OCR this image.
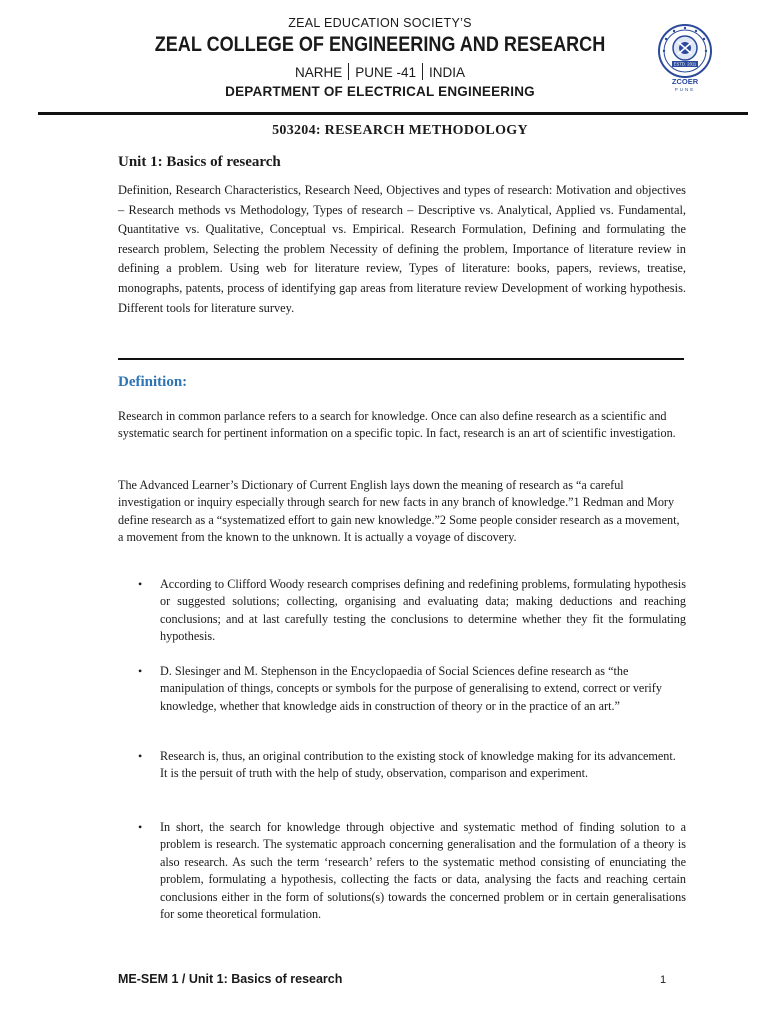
ZEAL EDUCATION SOCIETY’S
ZEAL COLLEGE OF ENGINEERING AND RESEARCH
NARHE PUNE -41 INDIA
DEPARTMENT OF ELECTRICAL ENGINEERING
ESTD. 2011
ZCOER
PUNE
503204: RESEARCH METHODOLOGY
Unit 1: Basics of research
Definition, Research Characteristics, Research Need, Objectives and types of research: Motivation and objectives – Research methods vs Methodology, Types of research – Descriptive vs. Analytical, Applied vs. Fundamental, Quantitative vs. Qualitative, Conceptual vs. Empirical. Research Formulation, Defining and formulating the research problem, Selecting the problem Necessity of defining the problem, Importance of literature review in defining a problem. Using web for literature review, Types of literature: books, papers, reviews, treatise, monographs, patents, process of identifying gap areas from literature review Development of working hypothesis. Different tools for literature survey.
Definition:
Research in common parlance refers to a search for knowledge. Once can also define research as a scientific and systematic search for pertinent information on a specific topic. In fact, research is an art of scientific investigation.
The Advanced Learner’s Dictionary of Current English lays down the meaning of research as “a careful investigation or inquiry especially through search for new facts in any branch of knowledge.”1 Redman and Mory define research as a “systematized effort to gain new knowledge.”2 Some people consider research as a movement, a movement from the known to the unknown. It is actually a voyage of discovery.
• According to Clifford Woody research comprises defining and redefining problems, formulating hypothesis or suggested solutions; collecting, organising and evaluating data; making deductions and reaching conclusions; and at last carefully testing the conclusions to determine whether they fit the formulating hypothesis.
• D. Slesinger and M. Stephenson in the Encyclopaedia of Social Sciences define research as “the manipulation of things, concepts or symbols for the purpose of generalising to extend, correct or verify knowledge, whether that knowledge aids in construction of theory or in the practice of an art.”
• Research is, thus, an original contribution to the existing stock of knowledge making for its advancement. It is the persuit of truth with the help of study, observation, comparison and experiment.
• In short, the search for knowledge through objective and systematic method of finding solution to a problem is research. The systematic approach concerning generalisation and the formulation of a theory is also research. As such the term ‘research’ refers to the systematic method consisting of enunciating the problem, formulating a hypothesis, collecting the facts or data, analysing the facts and reaching certain conclusions either in the form of solutions(s) towards the concerned problem or in certain generalisations for some theoretical formulation.
ME-SEM 1 / Unit 1: Basics of research	1
